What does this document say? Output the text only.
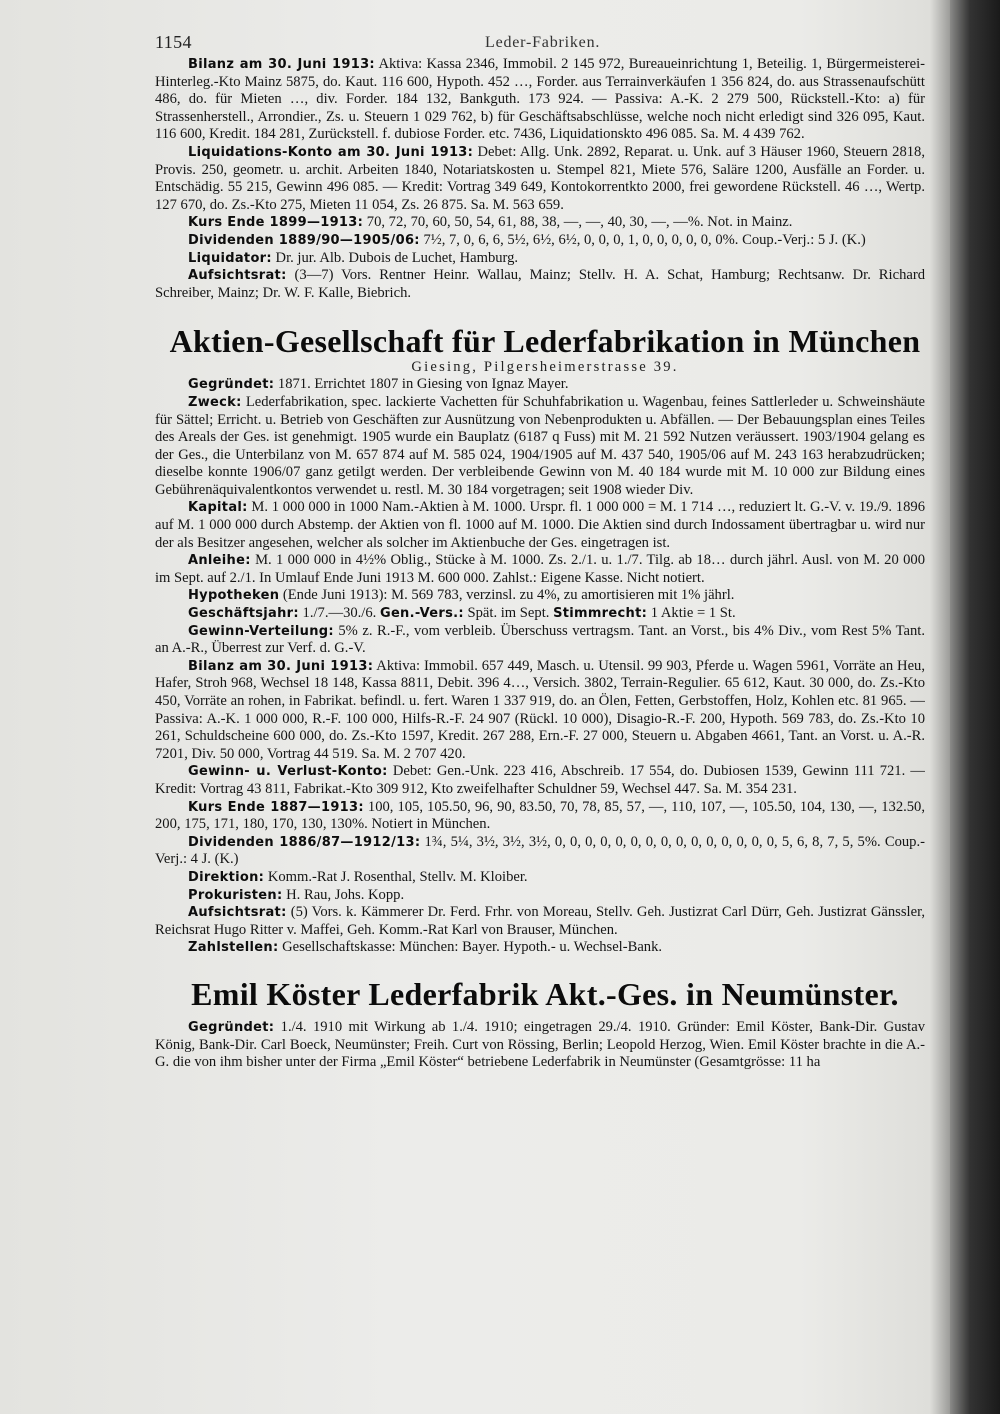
1154	Leder-Fabriken.

Bilanz am 30. Juni 1913: Aktiva: Kassa 2346, Immobil. 2 145 972, Bureaueinrichtung 1, Beteilig. 1, Bürgermeisterei-Hinterleg.-Kto Mainz 5875, do. Kaut. 116 600, Hypoth. 452 …, Forder. aus Terrainverkäufen 1 356 824, do. aus Strassenaufschütt 486, do. für Mieten …, div. Forder. 184 132, Bankguth. 173 924. — Passiva: A.-K. 2 279 500, Rückstell.-Kto: a) für Strassenherstell., Arrondier., Zs. u. Steuern 1 029 762, b) für Geschäftsabschlüsse, welche noch nicht erledigt sind 326 095, Kaut. 116 600, Kredit. 184 281, Zurückstell. f. dubiose Forder. etc. 7436, Liquidationskto 496 085. Sa. M. 4 439 762.

Liquidations-Konto am 30. Juni 1913: Debet: Allg. Unk. 2892, Reparat. u. Unk. auf 3 Häuser 1960, Steuern 2818, Provis. 250, geometr. u. archit. Arbeiten 1840, Notariatskosten u. Stempel 821, Miete 576, Saläre 1200, Ausfälle an Forder. u. Entschädig. 55 215, Gewinn 496 085. — Kredit: Vortrag 349 649, Kontokorrentkto 2000, frei gewordene Rückstell. 46 …, Wertp. 127 670, do. Zs.-Kto 275, Mieten 11 054, Zs. 26 875. Sa. M. 563 659.

Kurs Ende 1899—1913: 70, 72, 70, 60, 50, 54, 61, 88, 38, —, —, 40, 30, —, —%. Not. in Mainz.

Dividenden 1889/90—1905/06: 7½, 7, 0, 6, 6, 5½, 6½, 6½, 0, 0, 0, 1, 0, 0, 0, 0, 0, 0%. Coup.-Verj.: 5 J. (K.)

Liquidator: Dr. jur. Alb. Dubois de Luchet, Hamburg.

Aufsichtsrat: (3—7) Vors. Rentner Heinr. Wallau, Mainz; Stellv. H. A. Schat, Hamburg; Rechtsanw. Dr. Richard Schreiber, Mainz; Dr. W. F. Kalle, Biebrich.

Aktien-Gesellschaft für Lederfabrikation in München
Giesing, Pilgersheimerstrasse 39.

Gegründet: 1871. Errichtet 1807 in Giesing von Ignaz Mayer.

Zweck: Lederfabrikation, spec. lackierte Vachetten für Schuhfabrikation u. Wagenbau, feines Sattlerleder u. Schweinshäute für Sättel; Erricht. u. Betrieb von Geschäften zur Ausnützung von Nebenprodukten u. Abfällen. — Der Bebauungsplan eines Teiles des Areals der Ges. ist genehmigt. 1905 wurde ein Bauplatz (6187 q Fuss) mit M. 21 592 Nutzen veräussert. 1903/1904 gelang es der Ges., die Unterbilanz von M. 657 874 auf M. 585 024, 1904/1905 auf M. 437 540, 1905/06 auf M. 243 163 herabzudrücken; dieselbe konnte 1906/07 ganz getilgt werden. Der verbleibende Gewinn von M. 40 184 wurde mit M. 10 000 zur Bildung eines Gebührenäquivalentkontos verwendet u. restl. M. 30 184 vorgetragen; seit 1908 wieder Div.

Kapital: M. 1 000 000 in 1000 Nam.-Aktien à M. 1000. Urspr. fl. 1 000 000 = M. 1 714 …, reduziert lt. G.-V. v. 19./9. 1896 auf M. 1 000 000 durch Abstemp. der Aktien von fl. 1000 auf M. 1000. Die Aktien sind durch Indossament übertragbar u. wird nur der als Besitzer angesehen, welcher als solcher im Aktienbuche der Ges. eingetragen ist.

Anleihe: M. 1 000 000 in 4½% Oblig., Stücke à M. 1000. Zs. 2./1. u. 1./7. Tilg. ab 18… durch jährl. Ausl. von M. 20 000 im Sept. auf 2./1. In Umlauf Ende Juni 1913 M. 600 000. Zahlst.: Eigene Kasse. Nicht notiert.

Hypotheken (Ende Juni 1913): M. 569 783, verzinsl. zu 4%, zu amortisieren mit 1% jährl.

Geschäftsjahr: 1./7.—30./6. Gen.-Vers.: Spät. im Sept. Stimmrecht: 1 Aktie = 1 St.

Gewinn-Verteilung: 5% z. R.-F., vom verbleib. Überschuss vertragsm. Tant. an Vorst., bis 4% Div., vom Rest 5% Tant. an A.-R., Überrest zur Verf. d. G.-V.

Bilanz am 30. Juni 1913: Aktiva: Immobil. 657 449, Masch. u. Utensil. 99 903, Pferde u. Wagen 5961, Vorräte an Heu, Hafer, Stroh 968, Wechsel 18 148, Kassa 8811, Debit. 396 4…, Versich. 3802, Terrain-Regulier. 65 612, Kaut. 30 000, do. Zs.-Kto 450, Vorräte an rohen, in Fabrikat. befindl. u. fert. Waren 1 337 919, do. an Ölen, Fetten, Gerbstoffen, Holz, Kohlen etc. 81 965. — Passiva: A.-K. 1 000 000, R.-F. 100 000, Hilfs-R.-F. 24 907 (Rückl. 10 000), Disagio-R.-F. 200, Hypoth. 569 783, do. Zs.-Kto 10 261, Schuldscheine 600 000, do. Zs.-Kto 1597, Kredit. 267 288, Ern.-F. 27 000, Steuern u. Abgaben 4661, Tant. an Vorst. u. A.-R. 7201, Div. 50 000, Vortrag 44 519. Sa. M. 2 707 420.

Gewinn- u. Verlust-Konto: Debet: Gen.-Unk. 223 416, Abschreib. 17 554, do. Dubiosen 1539, Gewinn 111 721. — Kredit: Vortrag 43 811, Fabrikat.-Kto 309 912, Kto zweifelhafter Schuldner 59, Wechsel 447. Sa. M. 354 231.

Kurs Ende 1887—1913: 100, 105, 105.50, 96, 90, 83.50, 70, 78, 85, 57, —, 110, 107, —, 105.50, 104, 130, —, 132.50, 200, 175, 171, 180, 170, 130, 130%. Notiert in München.

Dividenden 1886/87—1912/13: 1¾, 5¼, 3½, 3½, 3½, 0, 0, 0, 0, 0, 0, 0, 0, 0, 0, 0, 0, 0, 0, 0, 5, 6, 8, 7, 5, 5%. Coup.-Verj.: 4 J. (K.)

Direktion: Komm.-Rat J. Rosenthal, Stellv. M. Kloiber.

Prokuristen: H. Rau, Johs. Kopp.

Aufsichtsrat: (5) Vors. k. Kämmerer Dr. Ferd. Frhr. von Moreau, Stellv. Geh. Justizrat Carl Dürr, Geh. Justizrat Gänssler, Reichsrat Hugo Ritter v. Maffei, Geh. Komm.-Rat Karl von Brauser, München.

Zahlstellen: Gesellschaftskasse: München: Bayer. Hypoth.- u. Wechsel-Bank.

Emil Köster Lederfabrik Akt.-Ges. in Neumünster.

Gegründet: 1./4. 1910 mit Wirkung ab 1./4. 1910; eingetragen 29./4. 1910. Gründer: Emil Köster, Bank-Dir. Gustav König, Bank-Dir. Carl Boeck, Neumünster; Freih. Curt von Rössing, Berlin; Leopold Herzog, Wien. Emil Köster brachte in die A.-G. die von ihm bisher unter der Firma „Emil Köster“ betriebene Lederfabrik in Neumünster (Gesamtgrösse: 11 ha
